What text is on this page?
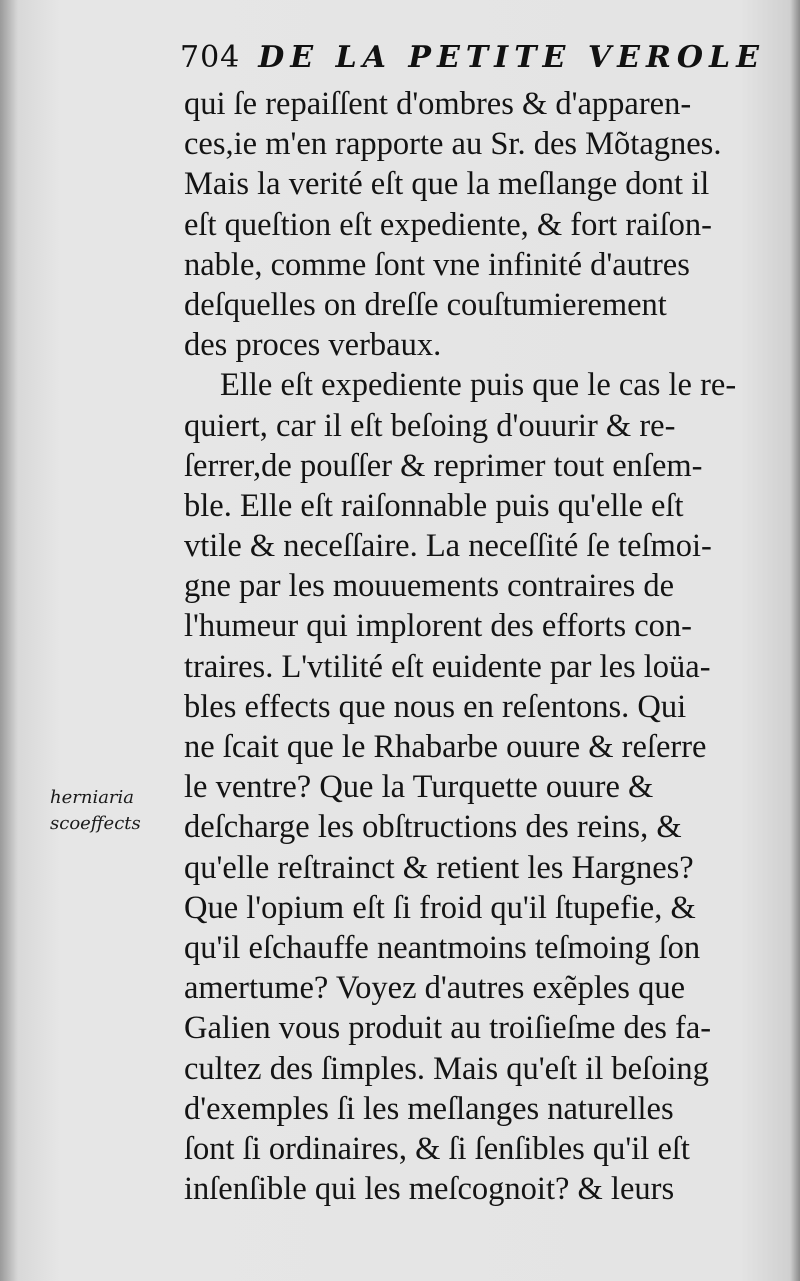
704 DE LA PETITE VEROLE
herniaria
scoeffects
qui ſe repaiſſent d'ombres & d'apparen-
ces,ie m'en rapporte au Sr. des Mõtagnes.
Mais la verité eſt que la meſlange dont il
eſt queſtion eſt expediente, & fort raiſon-
nable, comme ſont vne infinité d'autres
deſquelles on dreſſe couſtumierement
des proces verbaux.
Elle eſt expediente puis que le cas le re-
quiert, car il eſt beſoing d'ouurir & re-
ſerrer,de pouſſer & reprimer tout enſem-
ble. Elle eſt raiſonnable puis qu'elle eſt
vtile & neceſſaire. La neceſſité ſe teſmoi-
gne par les mouuements contraires de
l'humeur qui implorent des efforts con-
traires. L'vtilité eſt euidente par les loüa-
bles effects que nous en reſentons. Qui
ne ſcait que le Rhabarbe ouure & reſerre
le ventre? Que la Turquette ouure &
deſcharge les obſtructions des reins, &
qu'elle reſtrainct & retient les Hargnes?
Que l'opium eſt ſi froid qu'il ſtupefie, &
qu'il eſchauffe neantmoins teſmoing ſon
amertume? Voyez d'autres exẽples que
Galien vous produit au troiſieſme des fa-
cultez des ſimples. Mais qu'eſt il beſoing
d'exemples ſi les meſlanges naturelles
ſont ſi ordinaires, & ſi ſenſibles qu'il eſt
inſenſible qui les meſcognoit? & leurs
